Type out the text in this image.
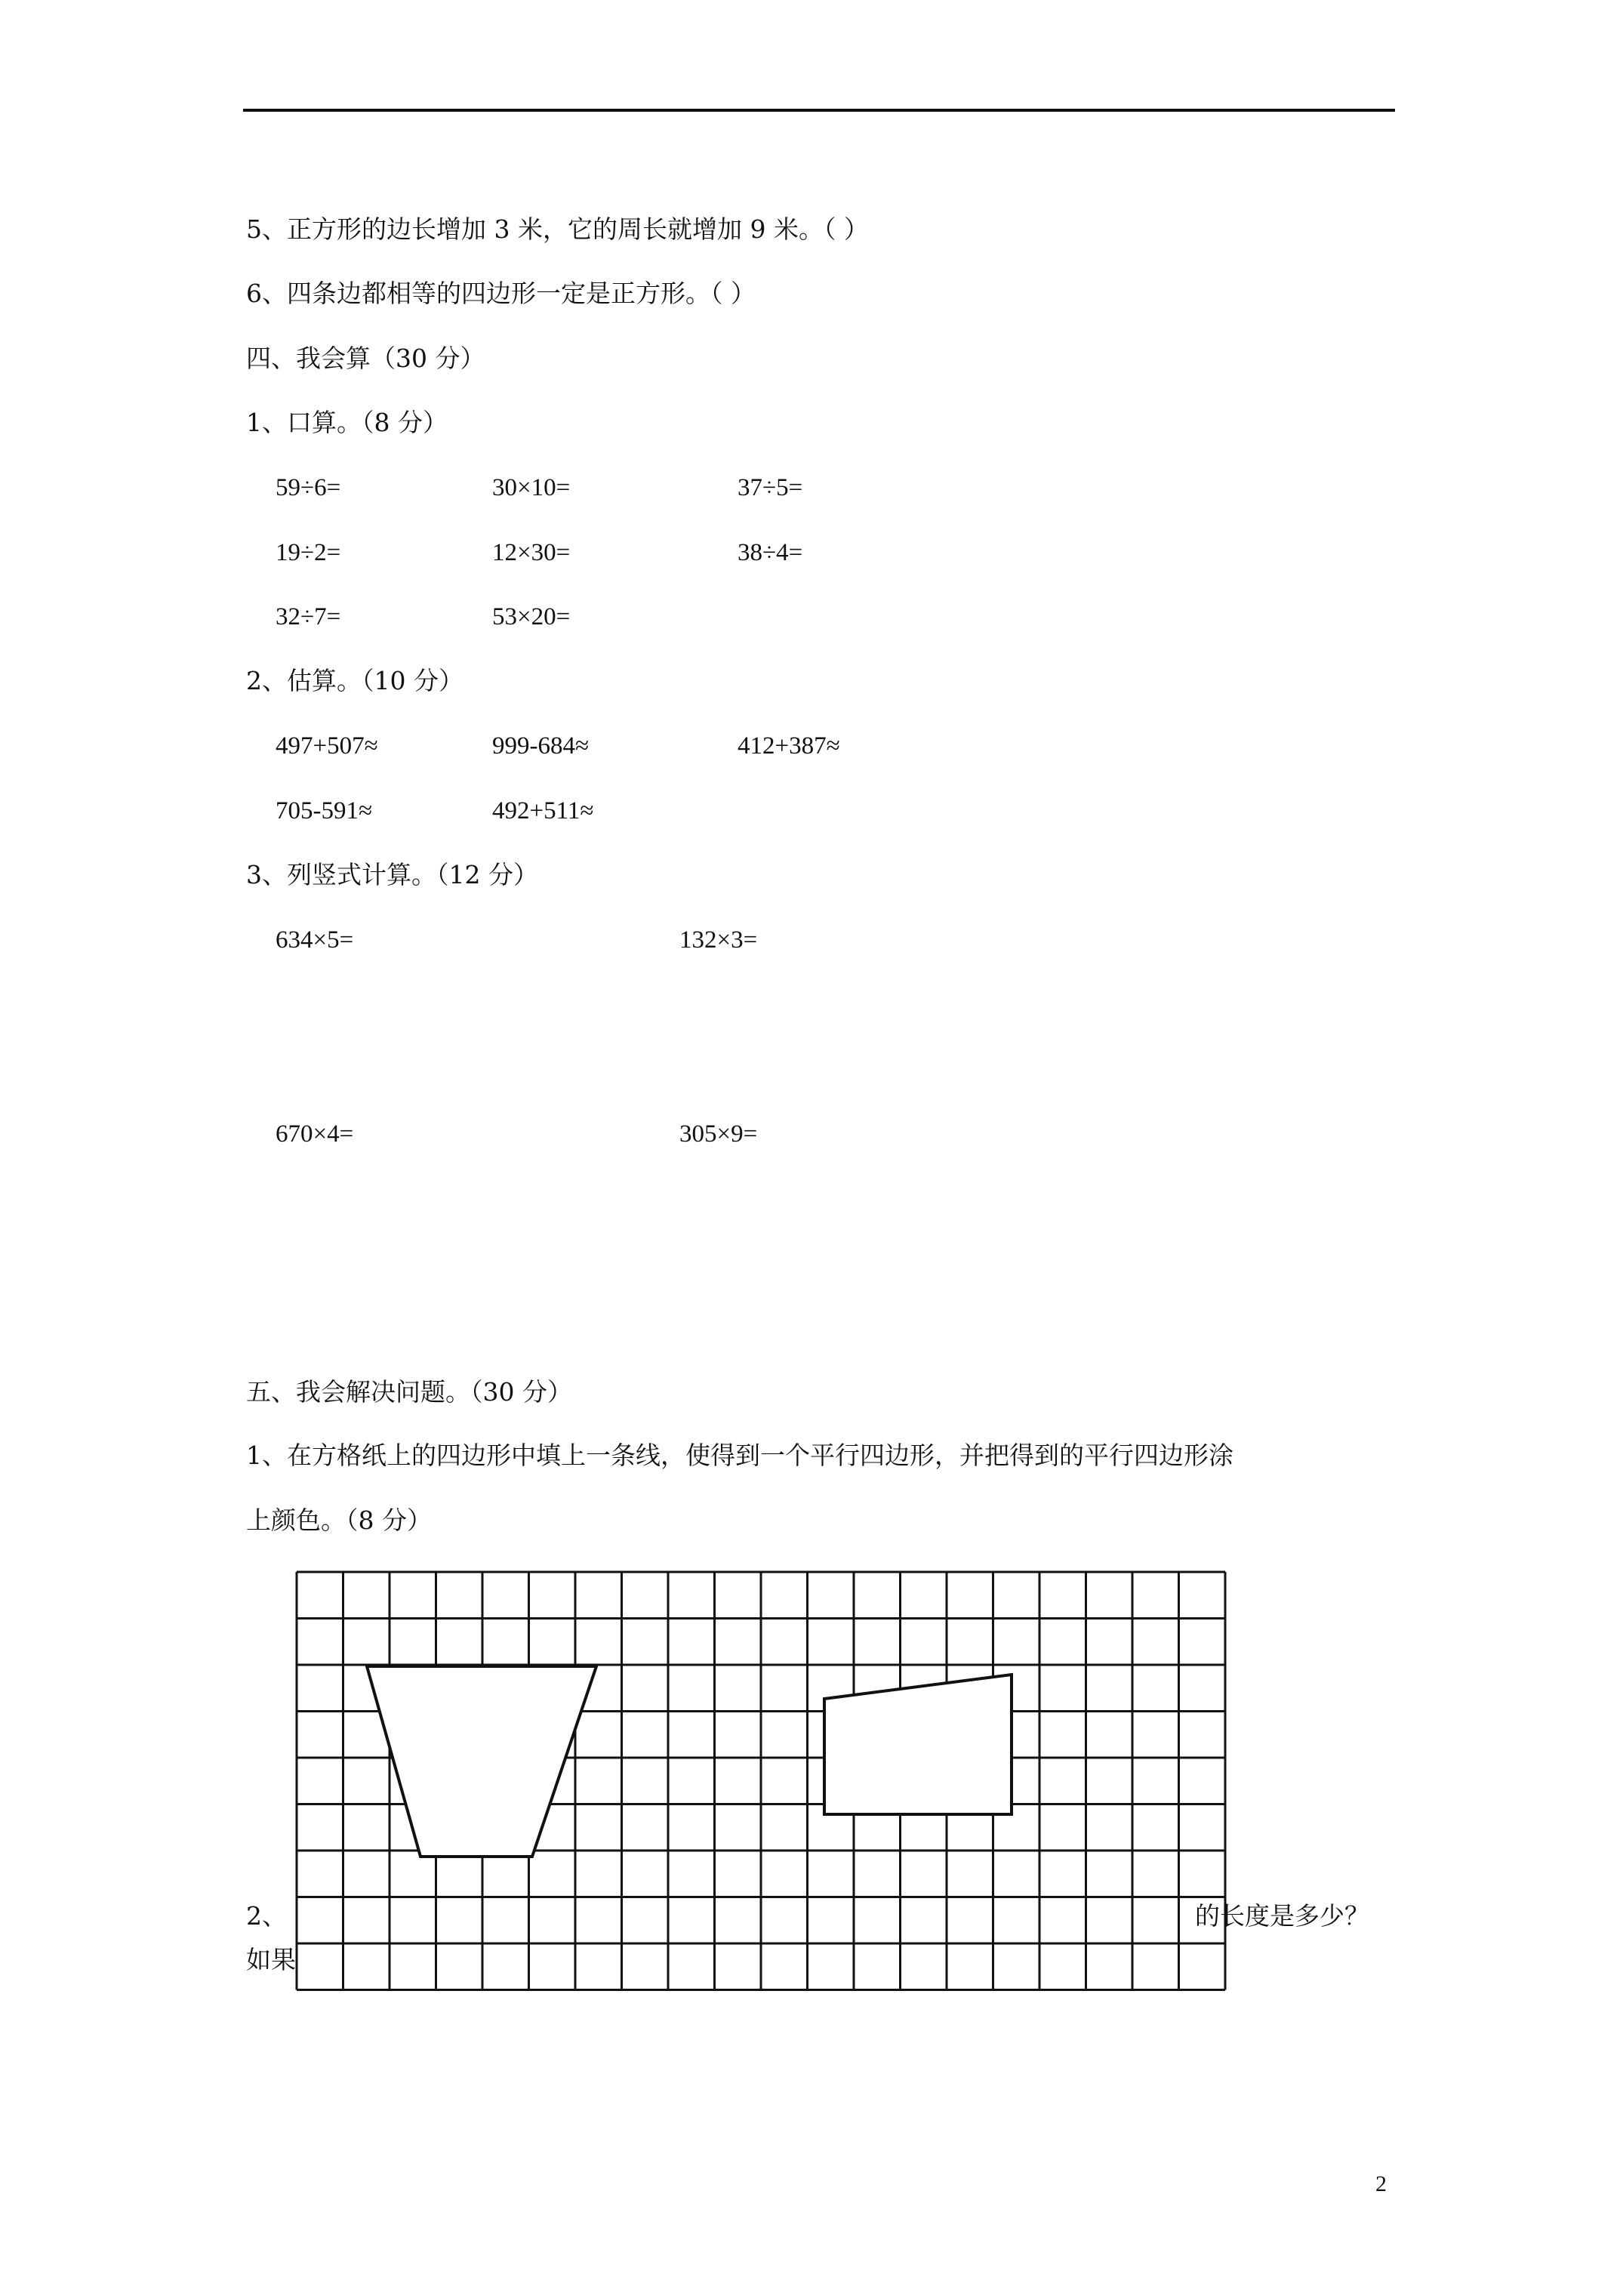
5、正方形的边长增加 3 米，它的周长就增加 9 米。（ ）
6、四条边都相等的四边形一定是正方形。（ ）
四、我会算（30 分）
1、口算。（8 分）
59÷6=	30×10=	37÷5=
19÷2=	12×30=	38÷4=
32÷7=	53×20=
2、估算。（10 分）
497+507≈	999-684≈	412+387≈
705-591≈	492+511≈
3、列竖式计算。（12 分）
634×5=	132×3=
670×4=	305×9=
五、我会解决问题。（30 分）
1、在方格纸上的四边形中填上一条线，使得到一个平行四边形，并把得到的平行四边形涂
上颜色。（8 分）
2、	的长度是多少？
如果
2
